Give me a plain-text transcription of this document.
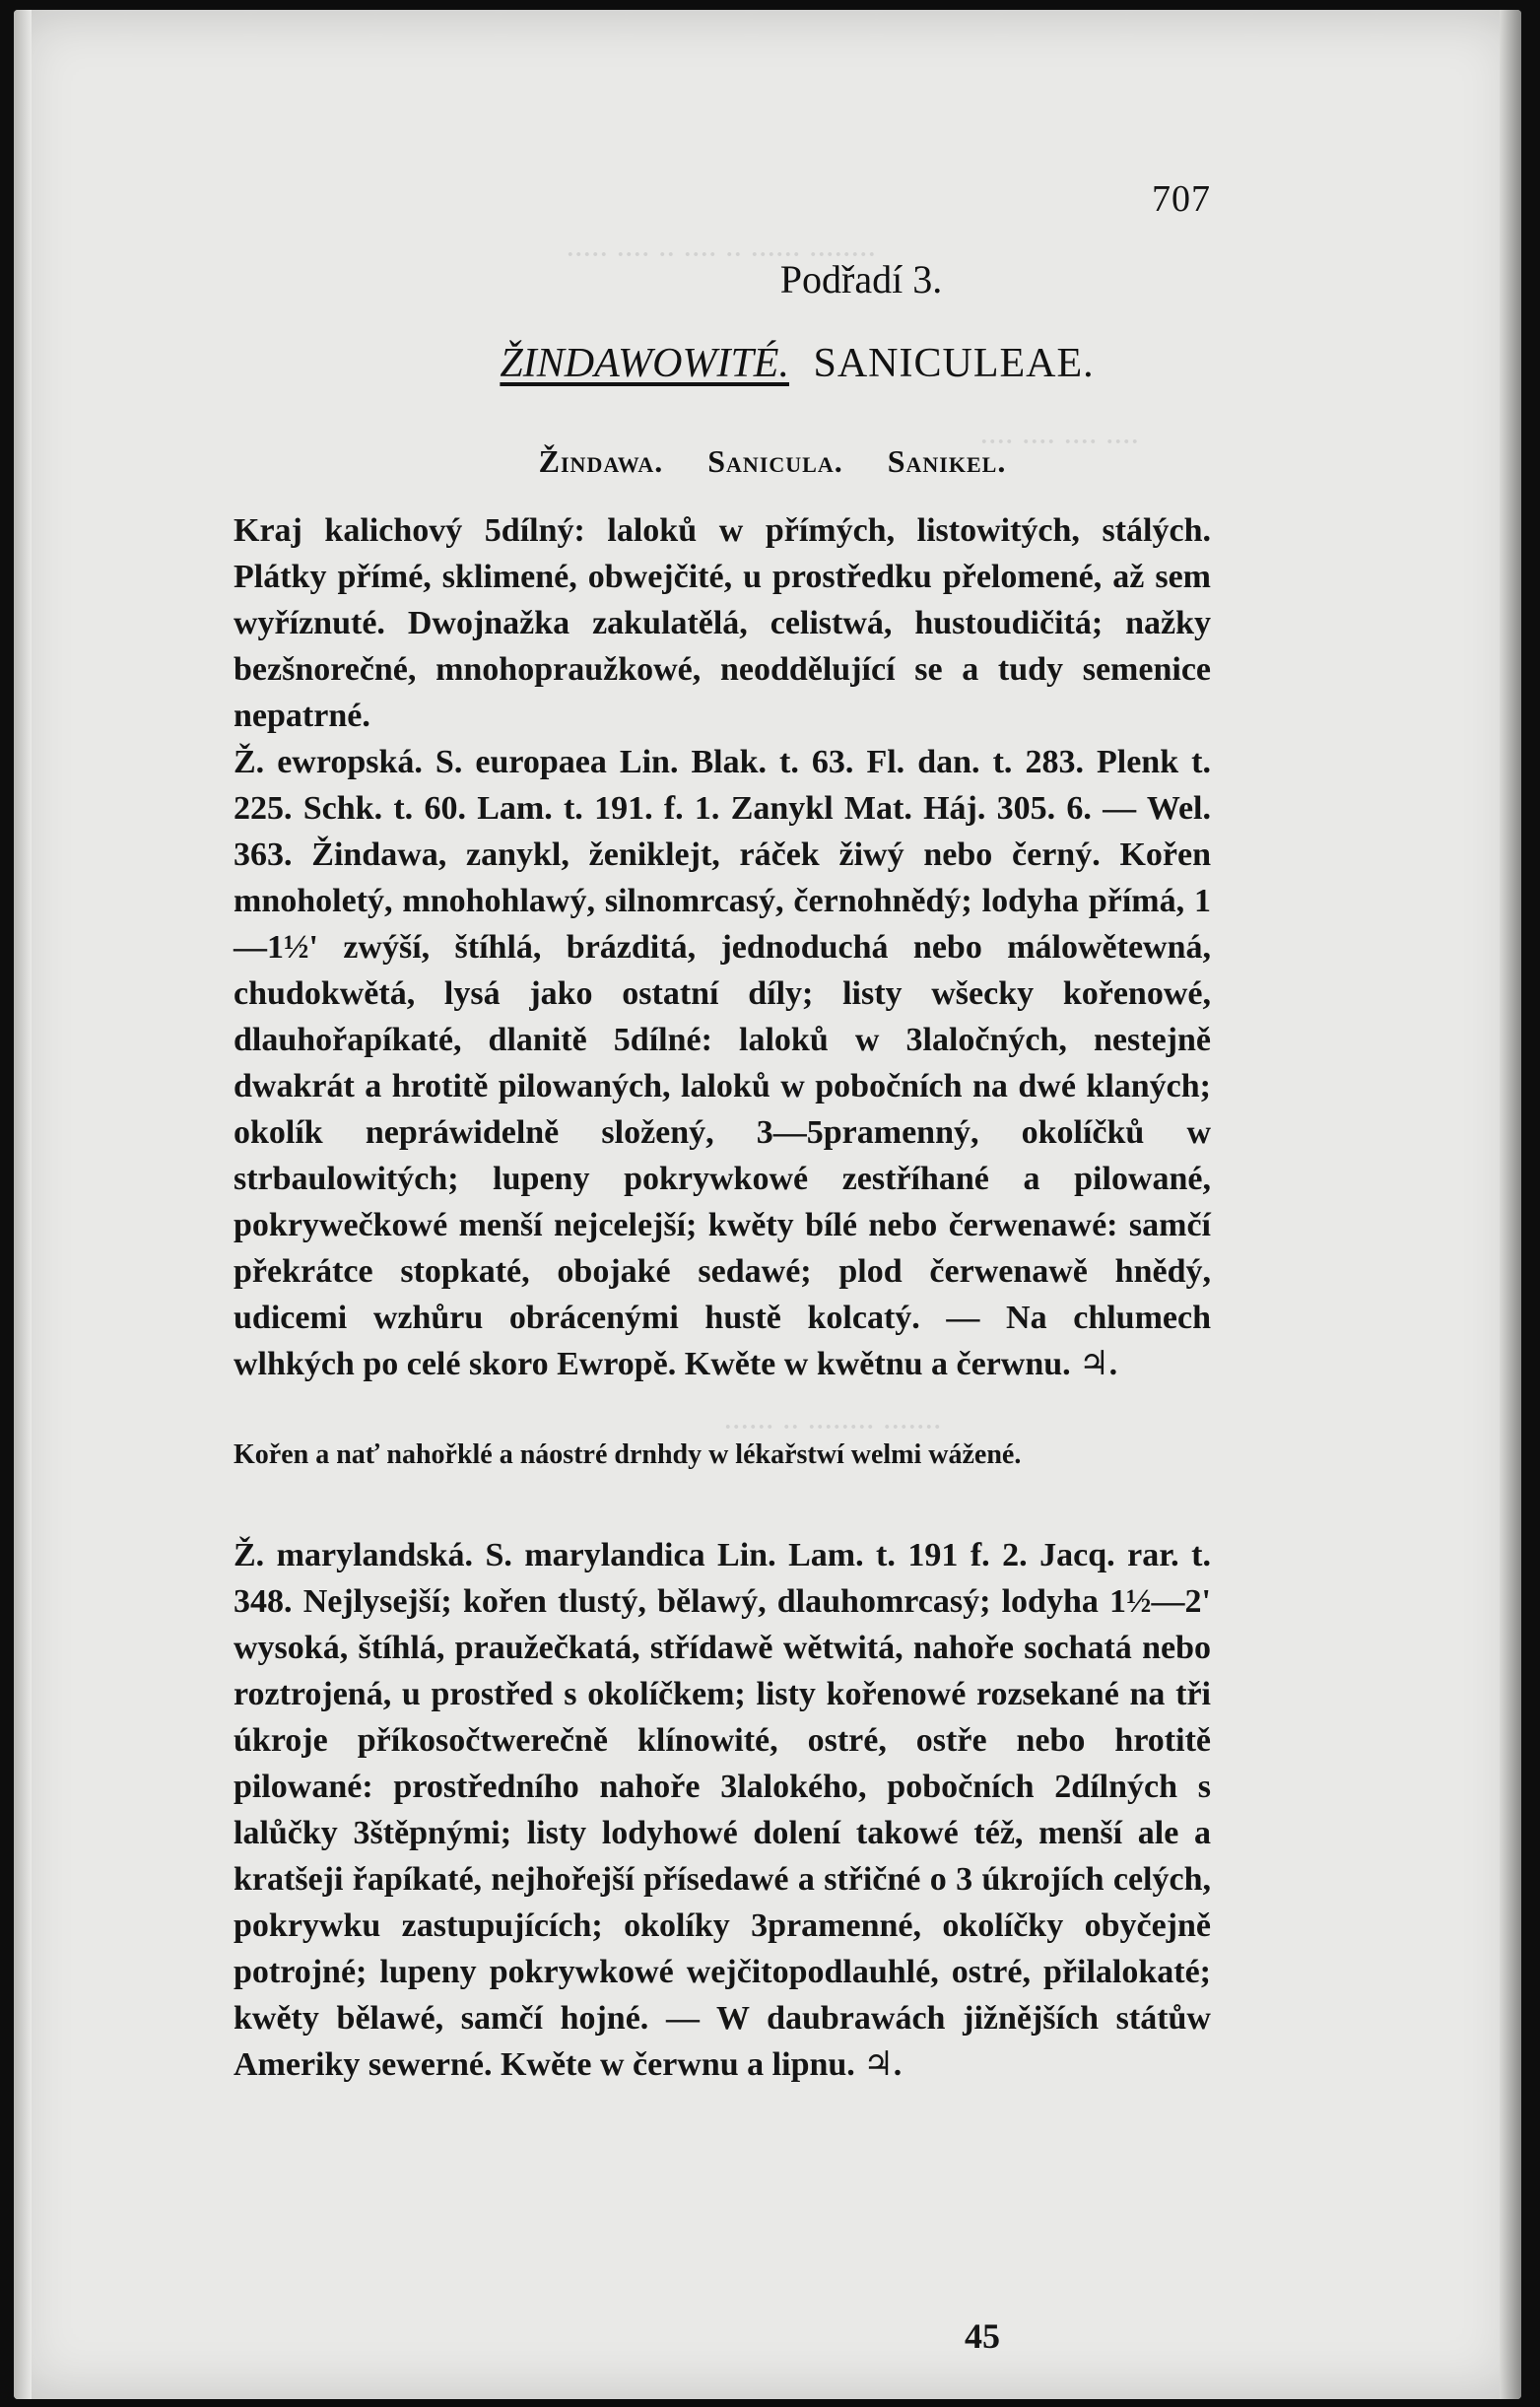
····· ···· ·· ···· ·· ······ ········
···· ···· ···· ····
······ ·· ········ ·······
707
Podřadí 3.
ŽINDAWOWITÉ. SANICULEAE.
Žindawa. Sanicula. Sanikel.
Kraj kalichový 5dílný: laloků w přímých, listowitých, stálých. Plátky přímé, sklimené, obwejčité, u prostředku přelomené, až sem wyříznuté. Dwojnažka zakulatělá, celistwá, hustoudičitá; nažky bezšnorečné, mnohopraužkowé, neoddělující se a tudy semenice nepatrné.
Ž. ewropská. S. europaea Lin. Blak. t. 63. Fl. dan. t. 283. Plenk t. 225. Schk. t. 60. Lam. t. 191. f. 1. Zanykl Mat. Háj. 305. 6. — Wel. 363. Žindawa, zanykl, ženiklejt, ráček žiwý nebo černý. Kořen mnoholetý, mnohohlawý, silnomrcasý, černohnědý; lodyha přímá, 1—1½' zwýší, štíhlá, brázditá, jednoduchá nebo málowětewná, chudokwětá, lysá jako ostatní díly; listy wšecky kořenowé, dlauhořapíkaté, dlanitě 5dílné: laloků w 3laločných, nestejně dwakrát a hrotitě pilowaných, laloků w pobočních na dwé klaných; okolík nepráwidelně složený, 3—5pramenný, okolíčků w strbaulowitých; lupeny pokrywkowé zestříhané a pilowané, pokrywečkowé menší nejcelejší; kwěty bílé nebo čerwenawé: samčí překrátce stopkaté, obojaké sedawé; plod čerwenawě hnědý, udicemi wzhůru obrácenými hustě kolcatý. — Na chlumech wlhkých po celé skoro Ewropě. Kwěte w kwětnu a čerwnu. ♃.
Kořen a nať nahořklé a náostré drnhdy w lékařstwí welmi wážené.
Ž. marylandská. S. marylandica Lin. Lam. t. 191 f. 2. Jacq. rar. t. 348. Nejlysejší; kořen tlustý, bělawý, dlauhomrcasý; lodyha 1½—2' wysoká, štíhlá, praužečkatá, střídawě wětwitá, nahoře sochatá nebo roztrojená, u prostřed s okolíčkem; listy kořenowé rozsekané na tři úkroje příkosočtwerečně klínowité, ostré, ostře nebo hrotitě pilowané: prostředního nahoře 3lalokého, pobočních 2dílných s lalůčky 3štěpnými; listy lodyhowé dolení takowé též, menší ale a kratšeji řapíkaté, nejhořejší přísedawé a střičné o 3 úkrojích celých, pokrywku zastupujících; okolíky 3pramenné, okolíčky obyčejně potrojné; lupeny pokrywkowé wejčitopodlauhlé, ostré, přilalokaté; kwěty bělawé, samčí hojné. — W daubrawách jižnějších státůw Ameriky sewerné. Kwěte w čerwnu a lipnu. ♃.
45
